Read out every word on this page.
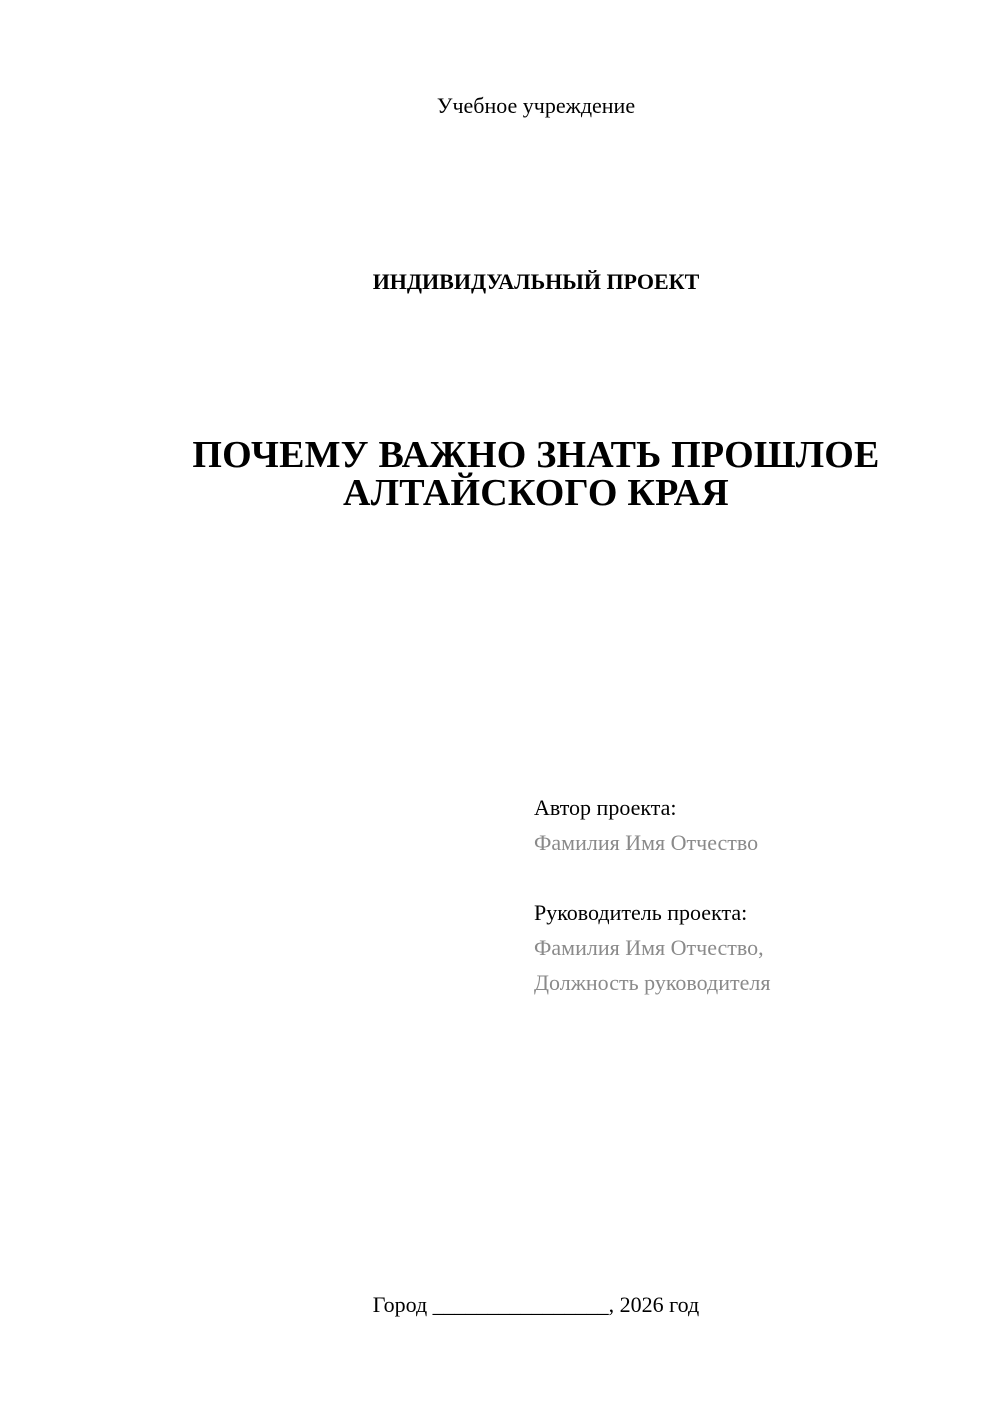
Учебное учреждение
ИНДИВИДУАЛЬНЫЙ ПРОЕКТ
ПОЧЕМУ ВАЖНО ЗНАТЬ ПРОШЛОЕ
АЛТАЙСКОГО КРАЯ
Автор проекта:
Фамилия Имя Отчество
Руководитель проекта:
Фамилия Имя Отчество,
Должность руководителя
Город ________________, 2026 год
